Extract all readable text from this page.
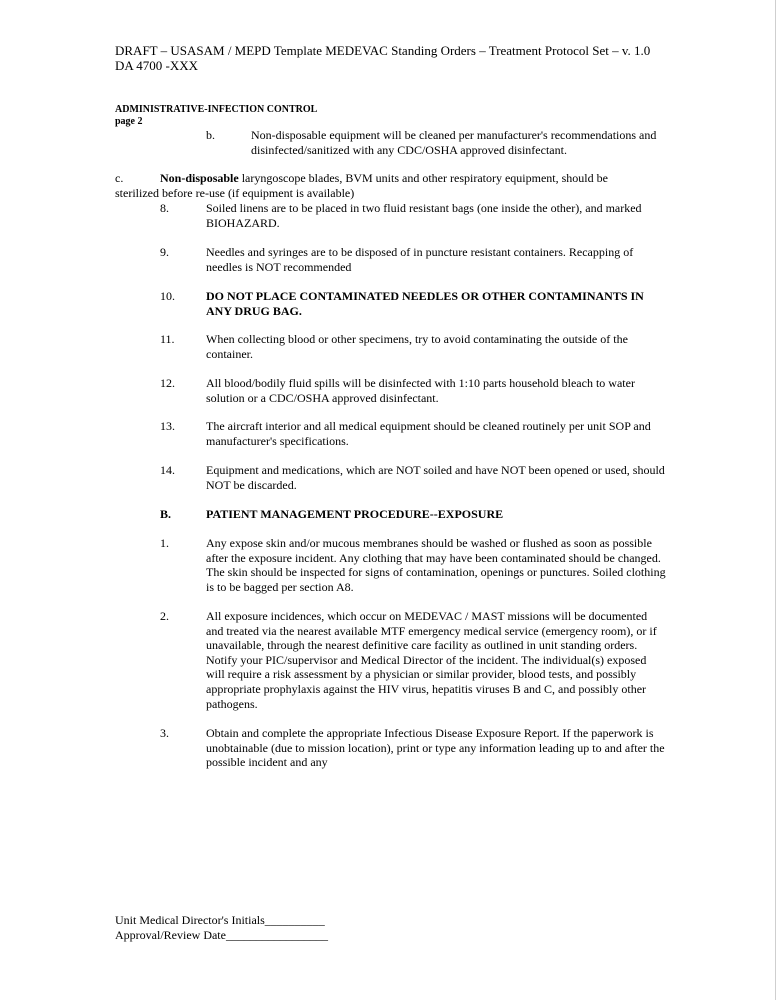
DRAFT – USASAM / MEPD Template MEDEVAC Standing Orders – Treatment Protocol Set – v. 1.0
DA 4700 -XXX
ADMINISTRATIVE-INFECTION CONTROL
page 2
b.	Non-disposable equipment will be cleaned per manufacturer's recommendations and disinfected/sanitized with any CDC/OSHA approved disinfectant.
Non-disposable laryngoscope blades, BVM units and other respiratory equipment, should be sterilized before re-use (if equipment is available)
c.
8.	Soiled linens are to be placed in two fluid resistant bags (one inside the other), and marked BIOHAZARD.
9.	Needles and syringes are to be disposed of in puncture resistant containers. Recapping of needles is NOT recommended
10.	DO NOT PLACE CONTAMINATED NEEDLES OR OTHER CONTAMINANTS IN ANY DRUG BAG.
11.	When collecting blood or other specimens, try to avoid contaminating the outside of the container.
12.	All blood/bodily fluid spills will be disinfected with 1:10 parts household bleach to water solution or a CDC/OSHA approved disinfectant.
13.	The aircraft interior and all medical equipment should be cleaned routinely per unit SOP and manufacturer's specifications.
14.	Equipment and medications, which are NOT soiled and have NOT been opened or used, should NOT be discarded.
B.	PATIENT MANAGEMENT PROCEDURE--EXPOSURE
1.	Any expose skin and/or mucous membranes should be washed or flushed as soon as possible after the exposure incident. Any clothing that may have been contaminated should be changed. The skin should be inspected for signs of contamination, openings or punctures. Soiled clothing is to be bagged per section A8.
2.	All exposure incidences, which occur on MEDEVAC / MAST missions will be documented and treated via the nearest available MTF emergency medical service (emergency room), or if unavailable, through the nearest definitive care facility as outlined in unit standing orders. Notify your PIC/supervisor and Medical Director of the incident. The individual(s) exposed will require a risk assessment by a physician or similar provider, blood tests, and possibly appropriate prophylaxis against the HIV virus, hepatitis viruses B and C, and possibly other pathogens.
3.	Obtain and complete the appropriate Infectious Disease Exposure Report. If the paperwork is unobtainable (due to mission location), print or type any information leading up to and after the possible incident and any
Unit Medical Director's Initials__________
Approval/Review Date_________________
